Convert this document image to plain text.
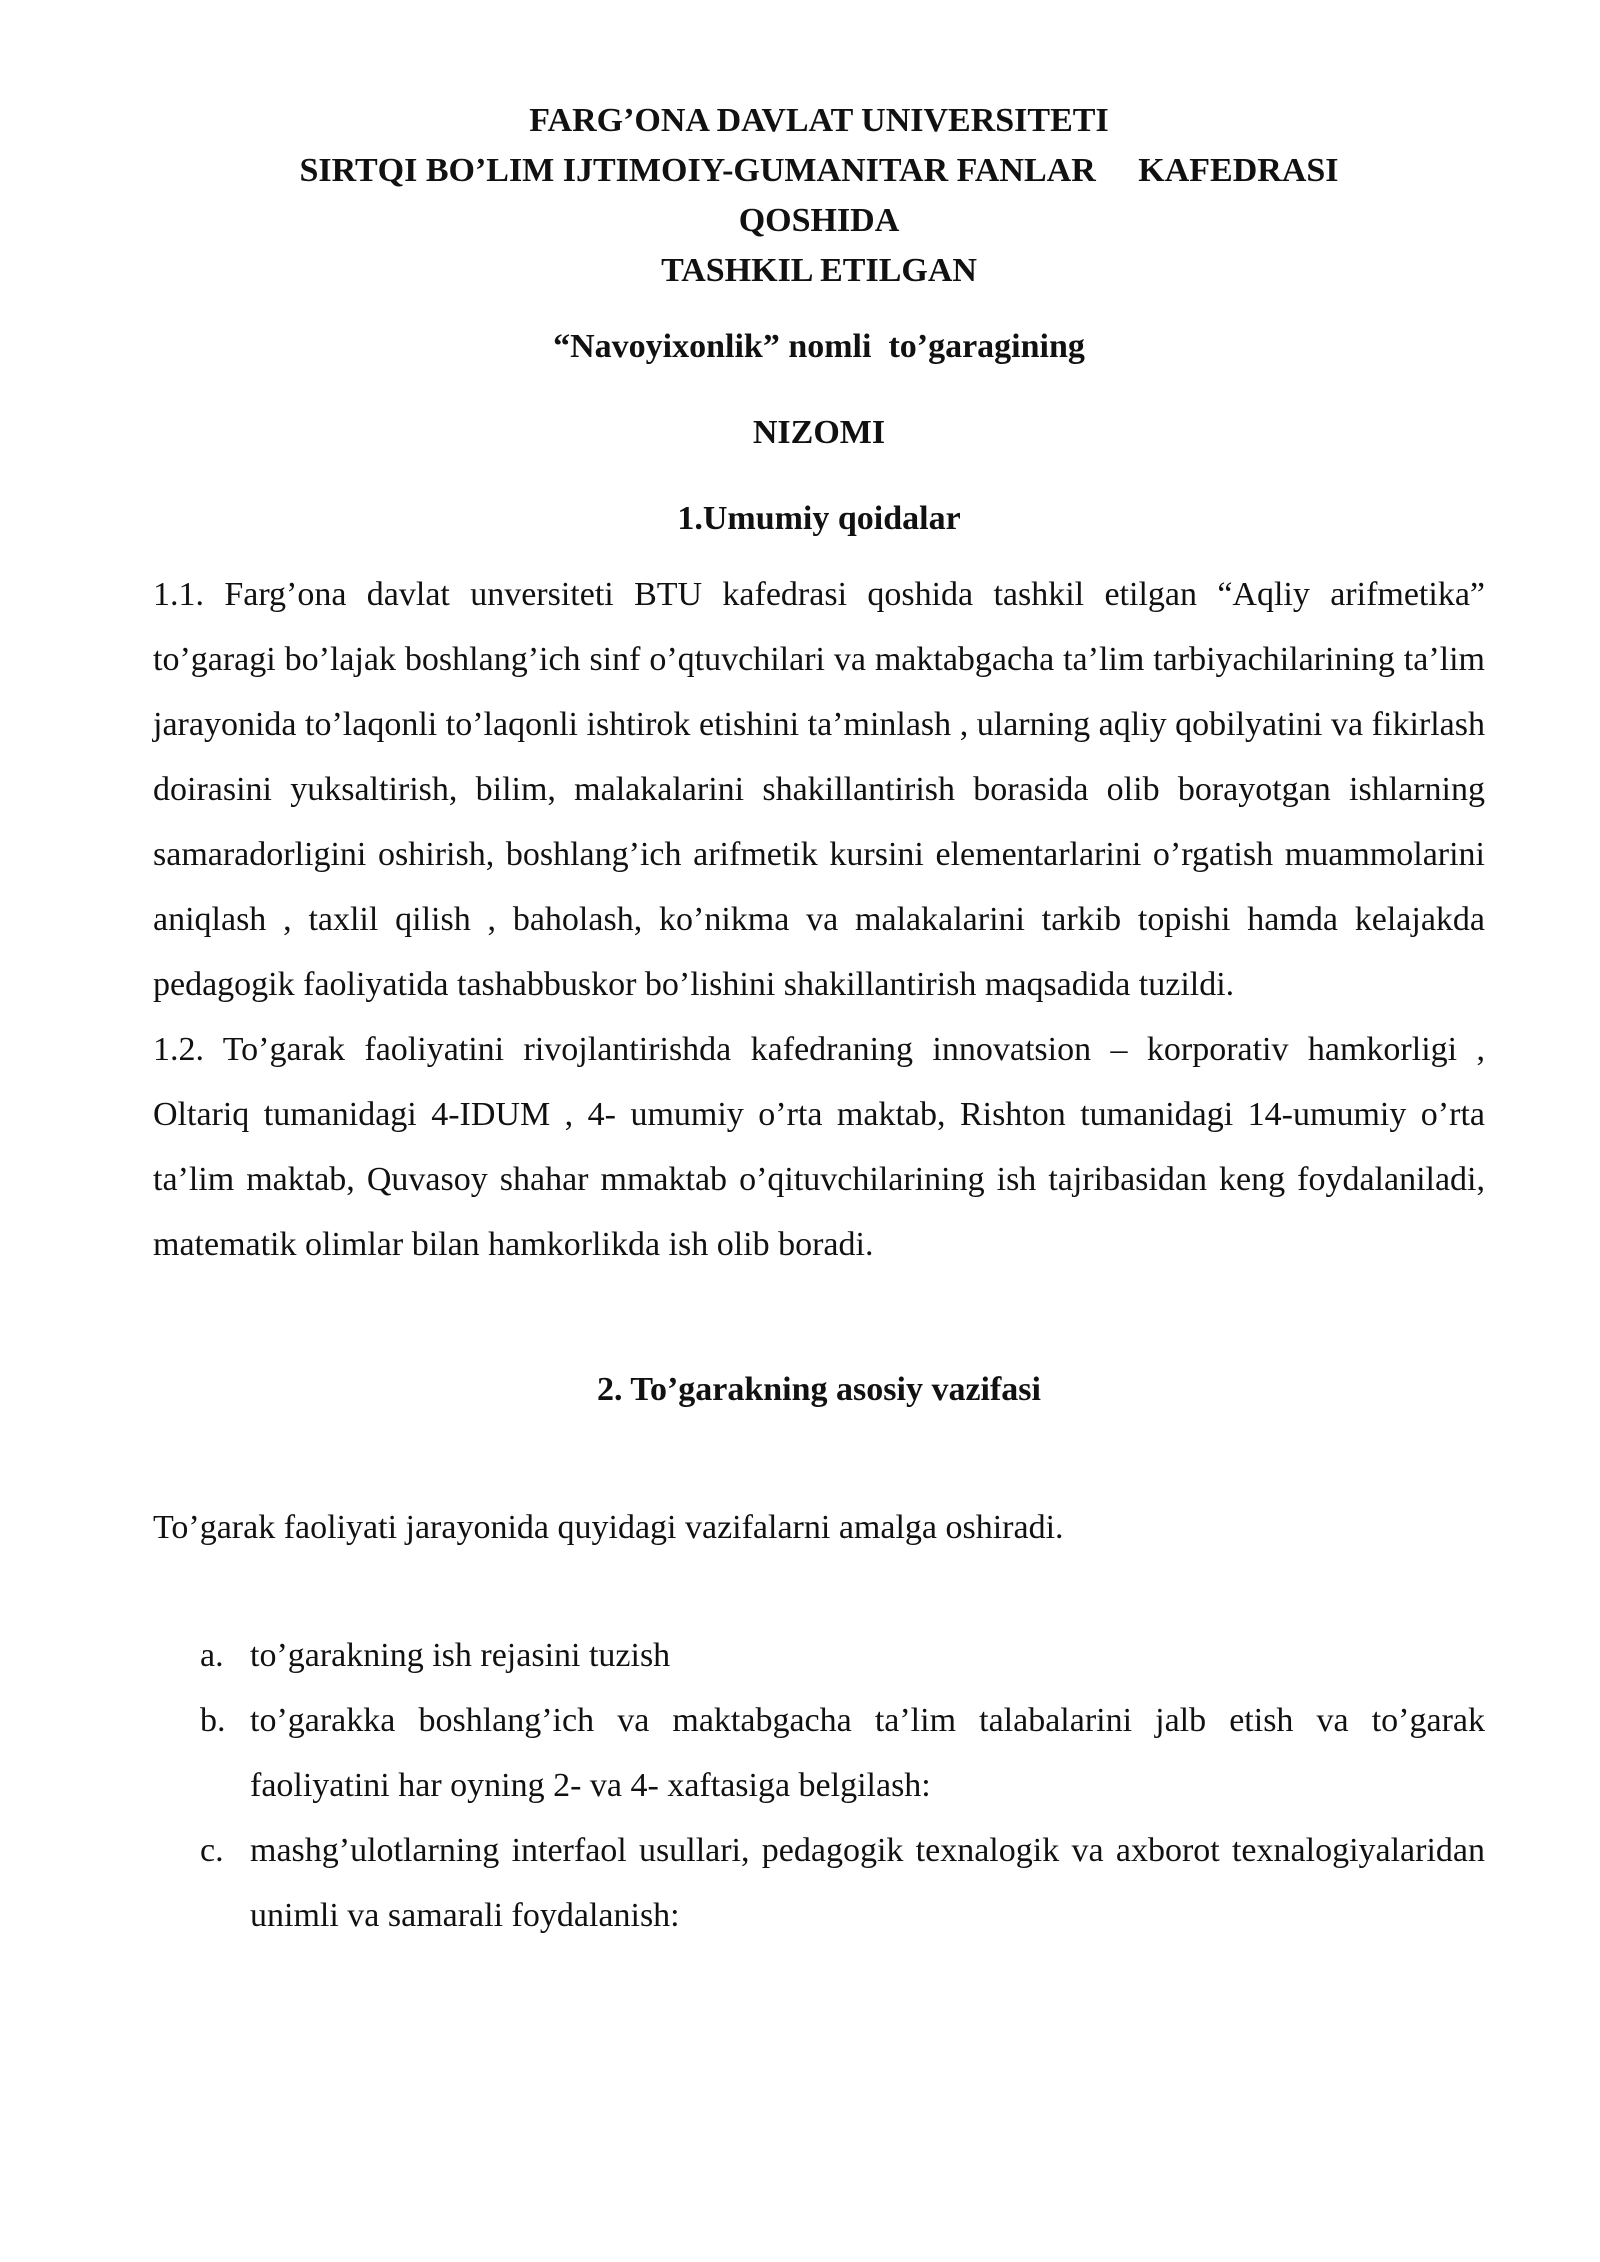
FARG’ONA DAVLAT UNIVERSITETI

SIRTQI BO’LIM IJTIMOIY-GUMANITAR FANLAR     KAFEDRASI

QOSHIDA

TASHKIL ETILGAN

“Navoyixonlik” nomli  to’garagining

NIZOMI

1.Umumiy qoidalar

1.1. Farg’ona davlat unversiteti BTU kafedrasi qoshida tashkil etilgan “Aqliy arifmetika” to’garagi bo’lajak boshlang’ich sinf o’qtuvchilari va maktabgacha ta’lim tarbiyachilarining ta’lim jarayonida to’laqonli to’laqonli ishtirok etishini ta’minlash , ularning aqliy qobilyatini va fikirlash doirasini yuksaltirish, bilim, malakalarini shakillantirish borasida olib borayotgan ishlarning samaradorligini oshirish, boshlang’ich arifmetik kursini elementarlarini o’rgatish muammolarini aniqlash , taxlil qilish , baholash, ko’nikma va malakalarini tarkib topishi hamda kelajakda pedagogik faoliyatida tashabbuskor bo’lishini shakillantirish maqsadida tuzildi.

1.2. To’garak faoliyatini rivojlantirishda kafedraning innovatsion – korporativ hamkorligi , Oltariq tumanidagi 4-IDUM , 4- umumiy o’rta maktab, Rishton tumanidagi 14-umumiy o’rta ta’lim maktab, Quvasoy shahar mmaktab o’qituvchilarining ish tajribasidan keng foydalaniladi, matematik olimlar bilan hamkorlikda ish olib boradi.

2. To’garakning asosiy vazifasi

To’garak faoliyati jarayonida quyidagi vazifalarni amalga oshiradi.

a. to’garakning ish rejasini tuzish
b. to’garakka boshlang’ich va maktabgacha ta’lim talabalarini jalb etish va to’garak faoliyatini har oyning 2- va 4- xaftasiga belgilash:
c. mashg’ulotlarning interfaol usullari, pedagogik texnalogik va axborot texnalogiyalaridan unimli va samarali foydalanish:
